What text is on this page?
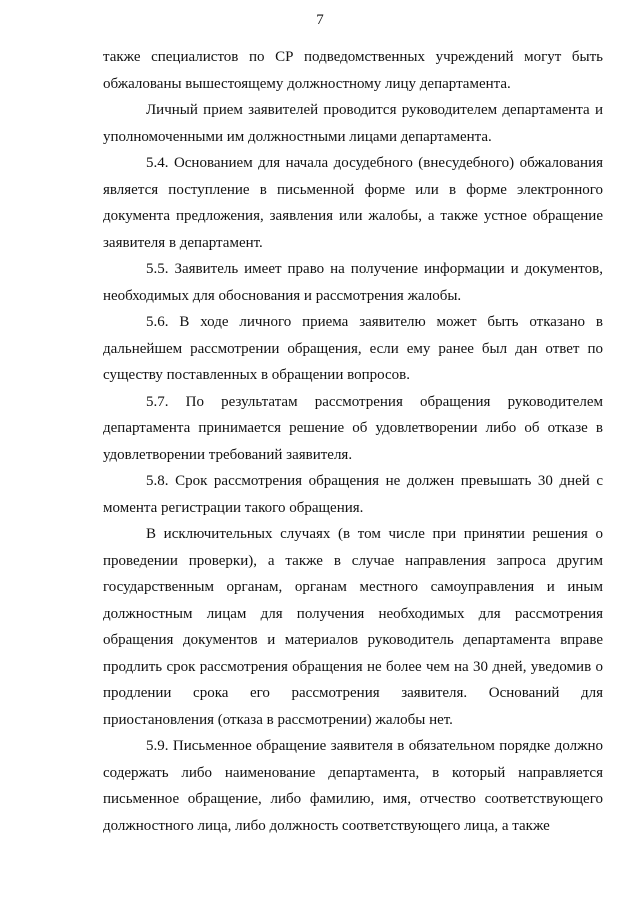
7

также специалистов по СР подведомственных учреждений могут быть обжалованы вышестоящему должностному лицу департамента.

Личный прием заявителей проводится руководителем департамента и уполномоченными им должностными лицами департамента.

5.4. Основанием для начала досудебного (внесудебного) обжалования является поступление в письменной форме или в форме электронного документа предложения, заявления или жалобы, а также устное обращение заявителя в департамент.

5.5. Заявитель имеет право на получение информации и документов, необходимых для обоснования и рассмотрения жалобы.

5.6. В ходе личного приема заявителю может быть отказано в дальнейшем рассмотрении обращения, если ему ранее был дан ответ по существу поставленных в обращении вопросов.

5.7. По результатам рассмотрения обращения руководителем департамента принимается решение об удовлетворении либо об отказе в удовлетворении требований заявителя.

5.8. Срок рассмотрения обращения не должен превышать 30 дней с момента регистрации такого обращения.

В исключительных случаях (в том числе при принятии решения о проведении проверки), а также в случае направления запроса другим государственным органам, органам местного самоуправления и иным должностным лицам для получения необходимых для рассмотрения обращения документов и материалов руководитель департамента вправе продлить срок рассмотрения обращения не более чем на 30 дней, уведомив о продлении срока его рассмотрения заявителя. Оснований для приостановления (отказа в рассмотрении) жалобы нет.

5.9. Письменное обращение заявителя в обязательном порядке должно содержать либо наименование департамента, в который направляется письменное обращение, либо фамилию, имя, отчество соответствующего должностного лица, либо должность соответствующего лица, а также
